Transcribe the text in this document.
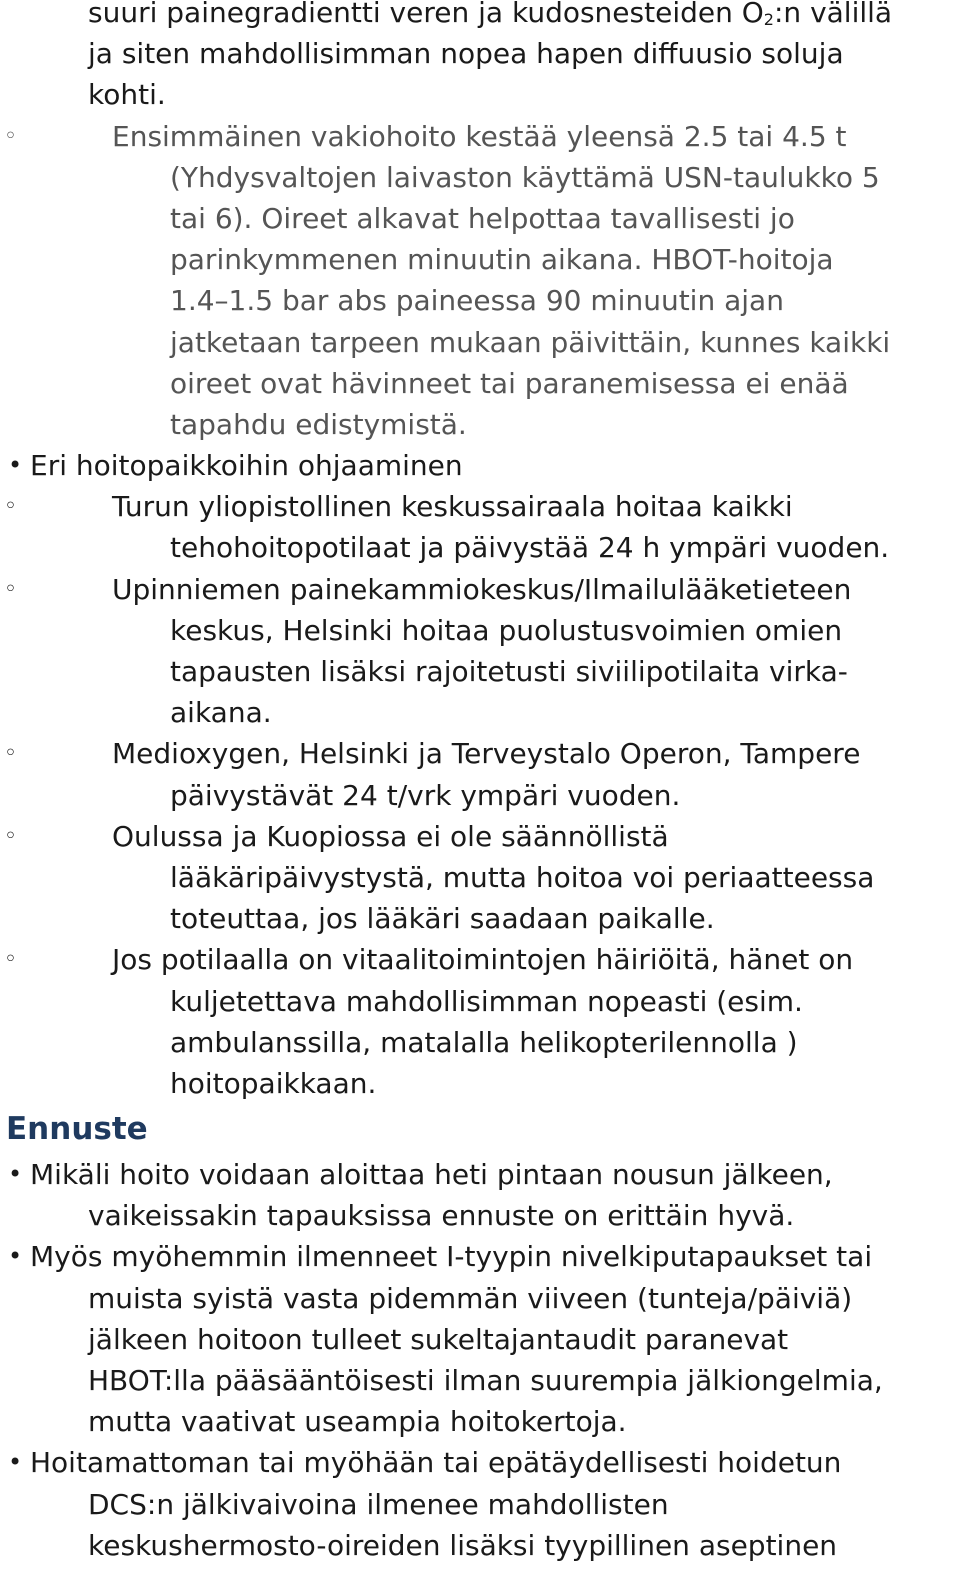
suuri painegradientti veren ja kudosnesteiden O2:n välillä
ja siten mahdollisimman nopea hapen diffuusio soluja
kohti.
◦	Ensimmäinen vakiohoito kestää yleensä 2.5 tai 4.5 t
(Yhdysvaltojen laivaston käyttämä USN-taulukko 5
tai 6). Oireet alkavat helpottaa tavallisesti jo
parinkymmenen minuutin aikana. HBOT-hoitoja
1.4–1.5 bar abs paineessa 90 minuutin ajan
jatketaan tarpeen mukaan päivittäin, kunnes kaikki
oireet ovat hävinneet tai paranemisessa ei enää
tapahdu edistymistä.
• Eri hoitopaikkoihin ohjaaminen
◦	Turun yliopistollinen keskussairaala hoitaa kaikki
tehohoitopotilaat ja päivystää 24 h ympäri vuoden.
◦	Upinniemen painekammiokeskus/Ilmailulääketieteen
keskus, Helsinki hoitaa puolustusvoimien omien
tapausten lisäksi rajoitetusti siviilipotilaita virka-
aikana.
◦	Medioxygen, Helsinki ja Terveystalo Operon, Tampere
päivystävät 24 t/vrk ympäri vuoden.
◦	Oulussa ja Kuopiossa ei ole säännöllistä
lääkäripäivystystä, mutta hoitoa voi periaatteessa
toteuttaa, jos lääkäri saadaan paikalle.
◦	Jos potilaalla on vitaalitoimintojen häiriöitä, hänet on
kuljetettava mahdollisimman nopeasti (esim.
ambulanssilla, matalalla helikopterilennolla )
hoitopaikkaan.
Ennuste
• Mikäli hoito voidaan aloittaa heti pintaan nousun jälkeen,
vaikeissakin tapauksissa ennuste on erittäin hyvä.
• Myös myöhemmin ilmenneet I-tyypin nivelkiputapaukset tai
muista syistä vasta pidemmän viiveen (tunteja/päiviä)
jälkeen hoitoon tulleet sukeltajantaudit paranevat
HBOT:lla pääsääntöisesti ilman suurempia jälkiongelmia,
mutta vaativat useampia hoitokertoja.
• Hoitamattoman tai myöhään tai epätäydellisesti hoidetun
DCS:n jälkivaivoina ilmenee mahdollisten
keskushermosto-oireiden lisäksi tyypillinen aseptinen
